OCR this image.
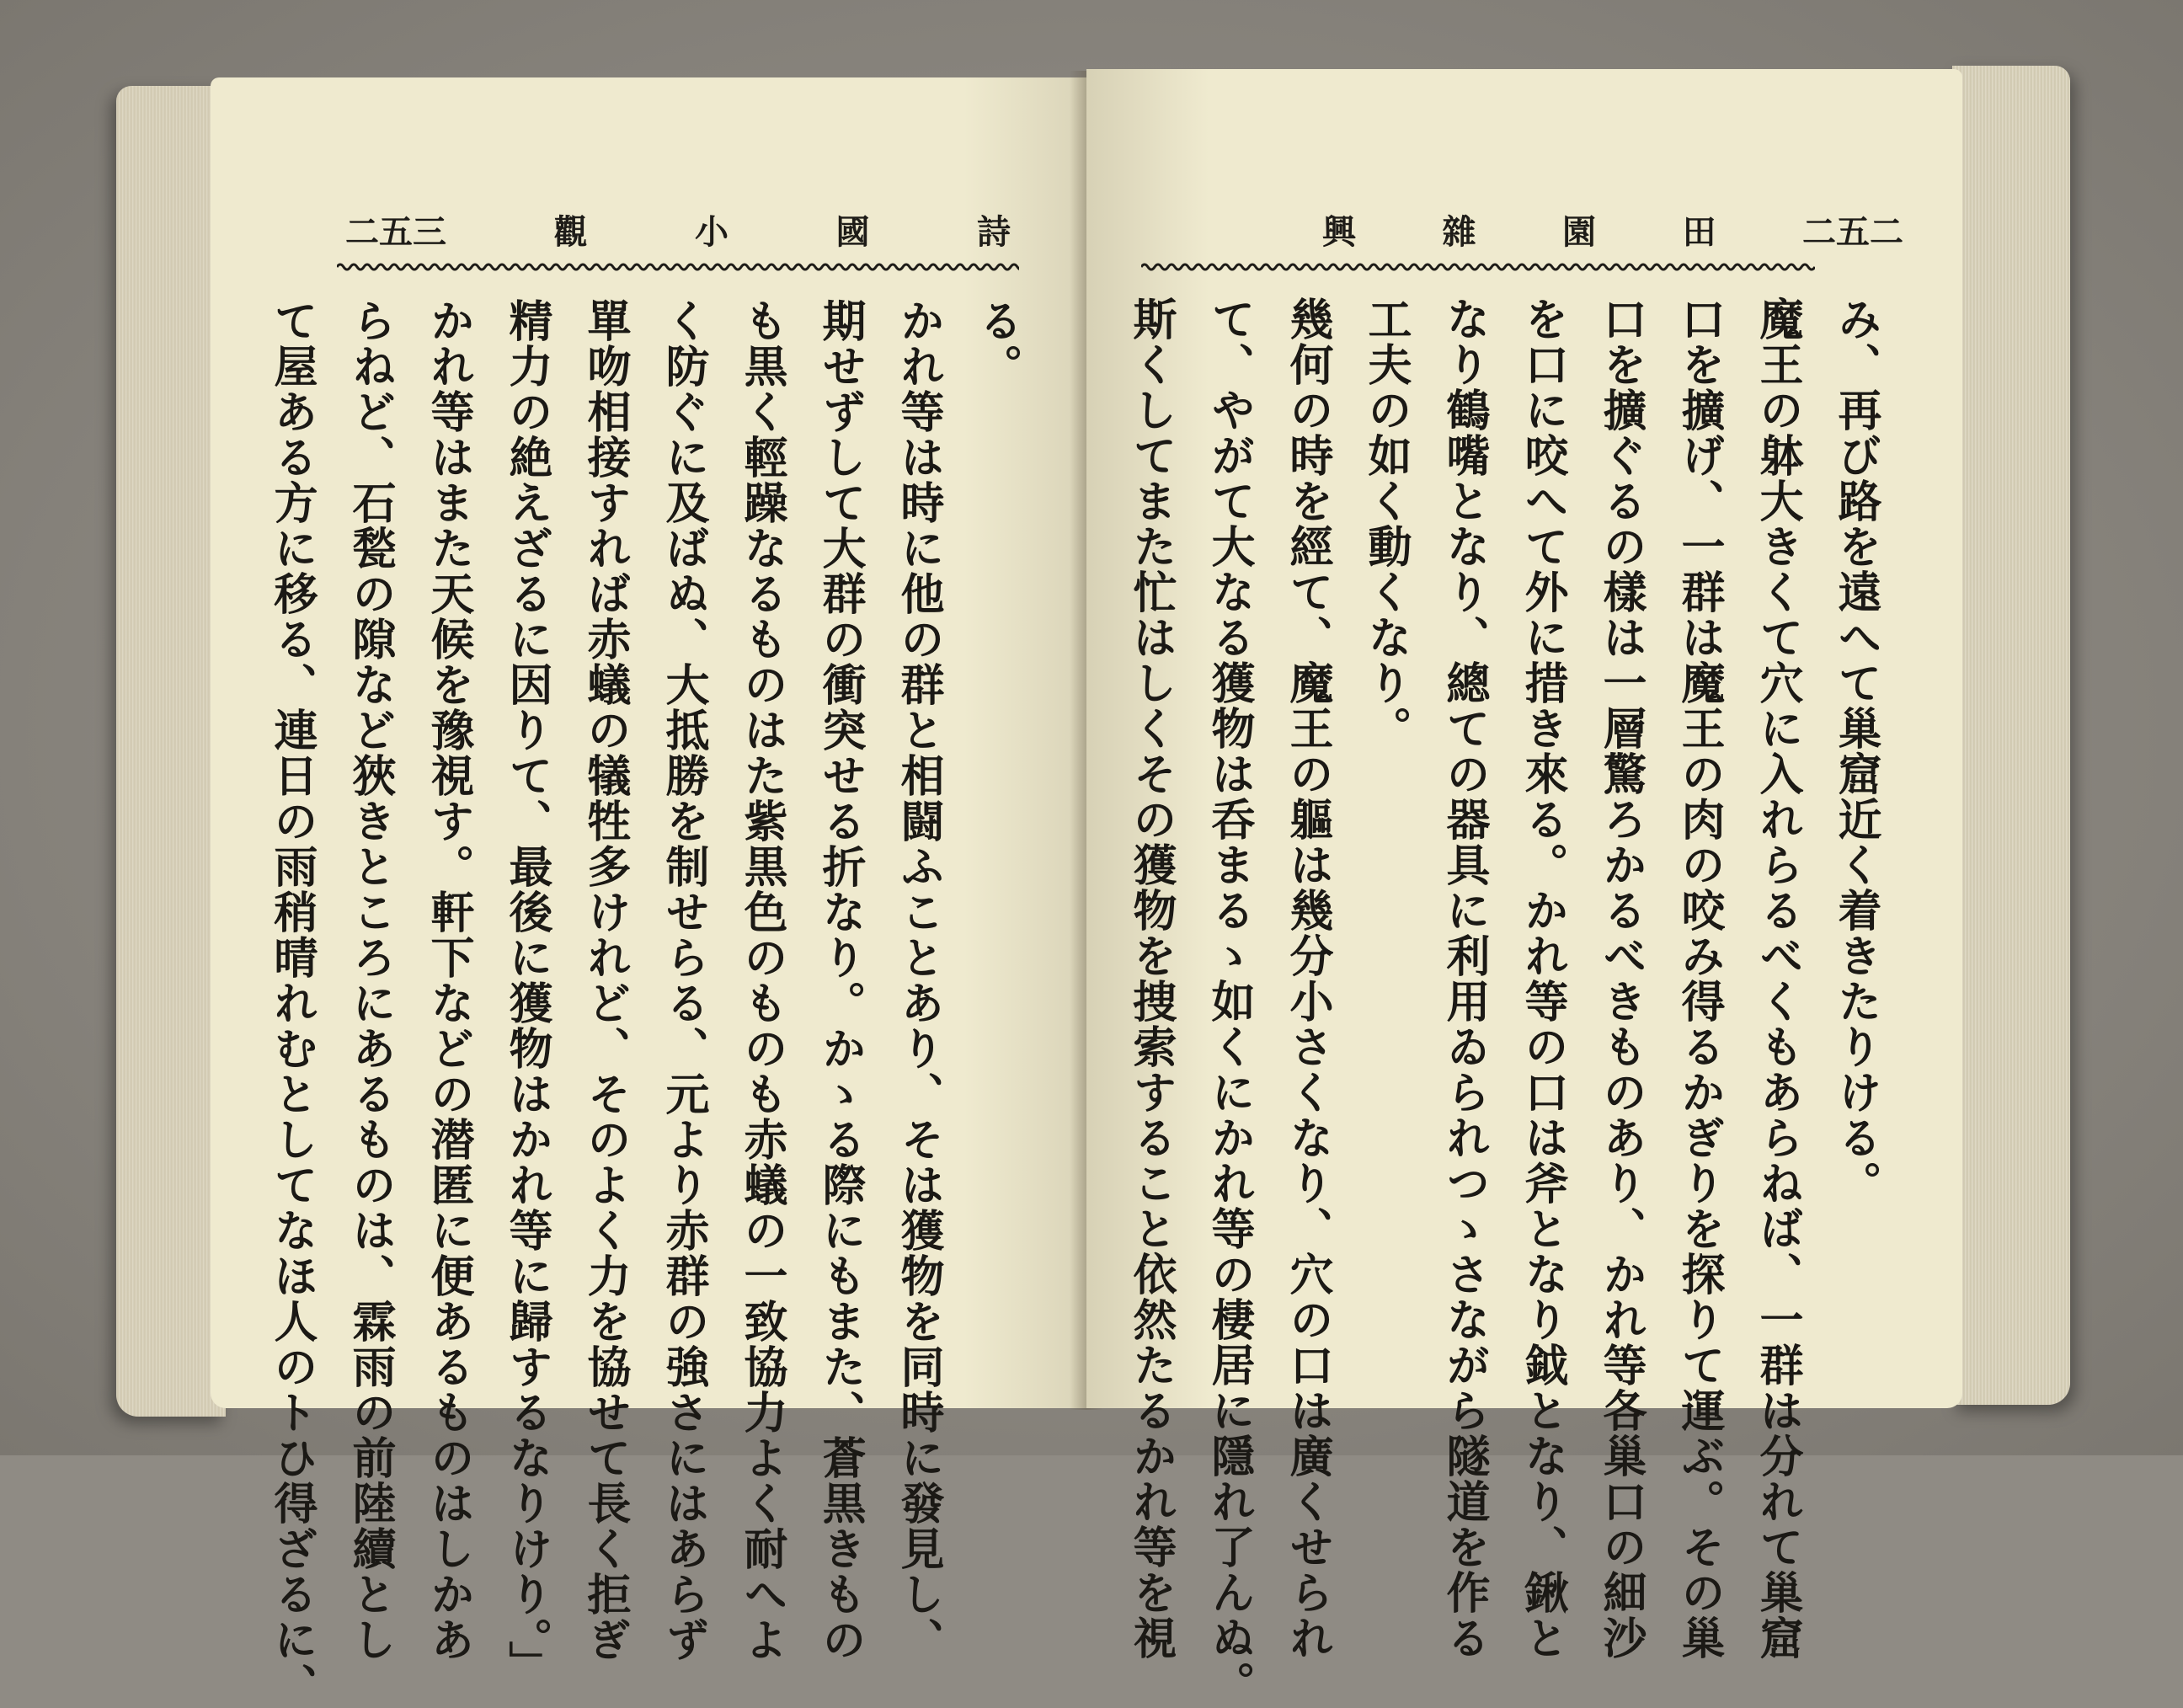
二五三	觀	小	國	詩
る。
かれ等は時に他の群と相闘ふことあり、そは獲物を同時に發見し、
期せずして大群の衝突せる折なり。かゝる際にもまた、蒼黒きもの
も黒く輕躁なるものはた紫黒色のものも赤蟻の一致協力よく耐へよ
く防ぐに及ばぬ、大抵勝を制せらる、元より赤群の強さにはあらず
單吻相接すれば赤蟻の犠牲多けれど、そのよく力を協せて長く拒ぎ
精力の絶えざるに因りて、最後に獲物はかれ等に歸するなりけり。」
かれ等はまた天候を豫視す。軒下などの潜匿に便あるものはしかあ
らねど、石甃の隙など狹きところにあるものは、霖雨の前陸續とし
て屋ある方に移る、連日の雨稍晴れむとしてなほ人のトひ得ざるに、
興	雜	園	田	二五二
み、再び路を遠へて巢窟近く着きたりける。
魔王の躰大きくて穴に入れらるべくもあらねば、一群は分れて巢窟
口を擴げ、一群は魔王の肉の咬み得るかぎりを探りて運ぶ。その巢
口を擴ぐるの樣は一層驚ろかるべきものあり、かれ等各巢口の細沙
を口に咬へて外に措き來る。かれ等の口は斧となり鉞となり、鍬と
なり鶴嘴となり、總ての器具に利用ゐられつゝさながら隧道を作る
工夫の如く動くなり。
幾何の時を經て、魔王の軀は幾分小さくなり、穴の口は廣くせられ
て、やがて大なる獲物は呑まるゝ如くにかれ等の棲居に隱れ了んぬ。
斯くしてまた忙はしくその獲物を捜索すること依然たるかれ等を視
